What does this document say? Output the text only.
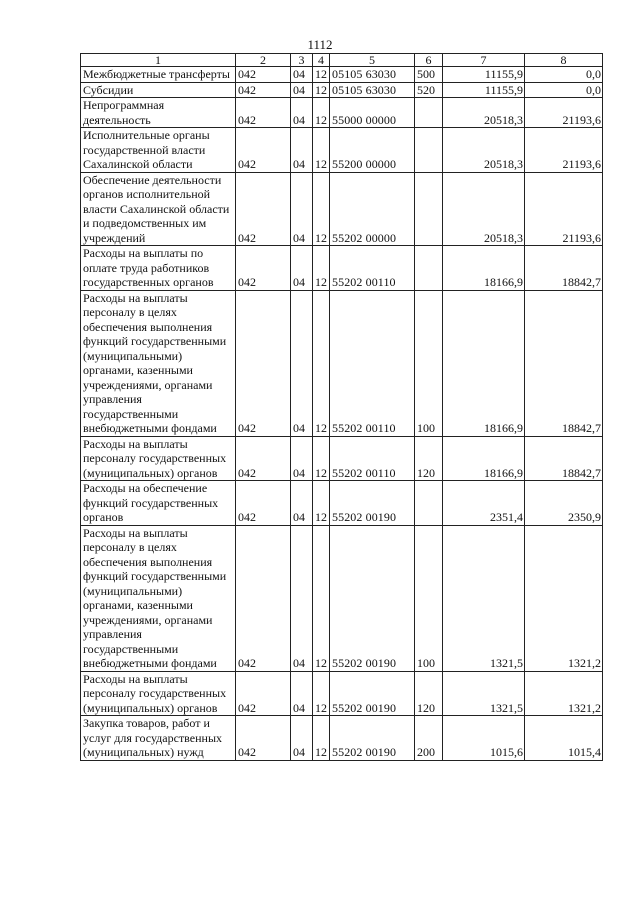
1112
1	2	3	4	5	6	7	8
Межбюджетные трансферты	042	04	12	05105 63030	500	11155,9	0,0
Субсидии	042	04	12	05105 63030	520	11155,9	0,0
Непрограммная деятельность	042	04	12	55000 00000		20518,3	21193,6
Исполнительные органы государственной власти Сахалинской области	042	04	12	55200 00000		20518,3	21193,6
Обеспечение деятельности органов исполнительной власти Сахалинской области и подведомственных им учреждений	042	04	12	55202 00000		20518,3	21193,6
Расходы на выплаты по оплате труда работников государственных органов	042	04	12	55202 00110		18166,9	18842,7
Расходы на выплаты персоналу в целях обеспечения выполнения функций государственными (муниципальными) органами, казенными учреждениями, органами управления государственными внебюджетными фондами	042	04	12	55202 00110	100	18166,9	18842,7
Расходы на выплаты персоналу государственных (муниципальных) органов	042	04	12	55202 00110	120	18166,9	18842,7
Расходы на обеспечение функций государственных органов	042	04	12	55202 00190		2351,4	2350,9
Расходы на выплаты персоналу в целях обеспечения выполнения функций государственными (муниципальными) органами, казенными учреждениями, органами управления государственными внебюджетными фондами	042	04	12	55202 00190	100	1321,5	1321,2
Расходы на выплаты персоналу государственных (муниципальных) органов	042	04	12	55202 00190	120	1321,5	1321,2
Закупка товаров, работ и услуг для государственных (муниципальных) нужд	042	04	12	55202 00190	200	1015,6	1015,4
